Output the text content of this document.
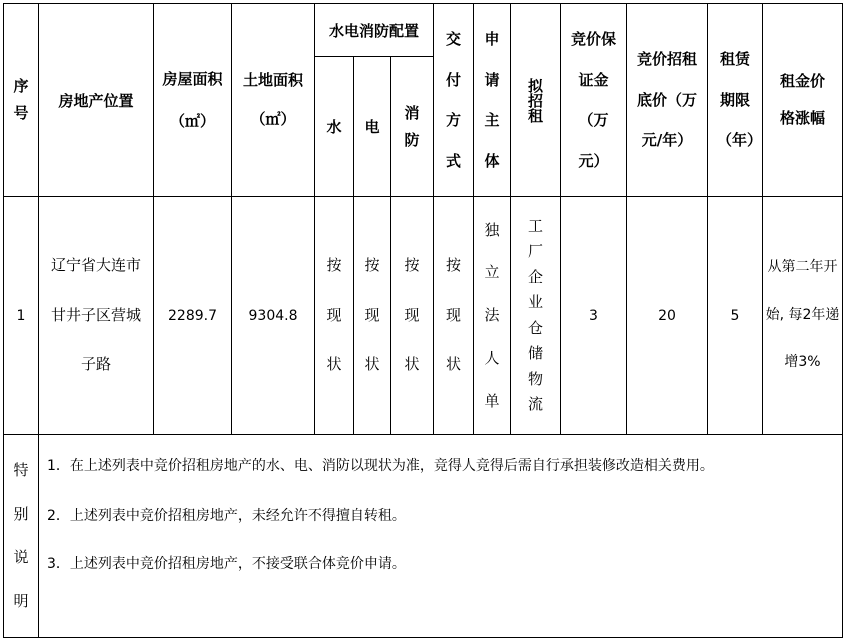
序号
房地产位置
房屋面积（㎡）
土地面积（㎡）
水电消防配置
水 电
消防
交付方式
申请主体
拟招租
竞价保证金（万元）
竞价招租底价（万元/年）
租赁期限（年）
租金价格涨幅
1
辽宁省大连市甘井子区营城子路
2289.7 9304.8
按现状
按现状
按现状
按现状
独立法人单
工厂企业仓储物流
3	20	5
从第二年开始, 每2年递增3%
特别说明
1．在上述列表中竞价招租房地产的水、电、消防以现状为准，竞得人竞得后需自行承担装修改造相关费用。
2．上述列表中竞价招租房地产，未经允许不得擅自转租。
3．上述列表中竞价招租房地产，不接受联合体竞价申请。
